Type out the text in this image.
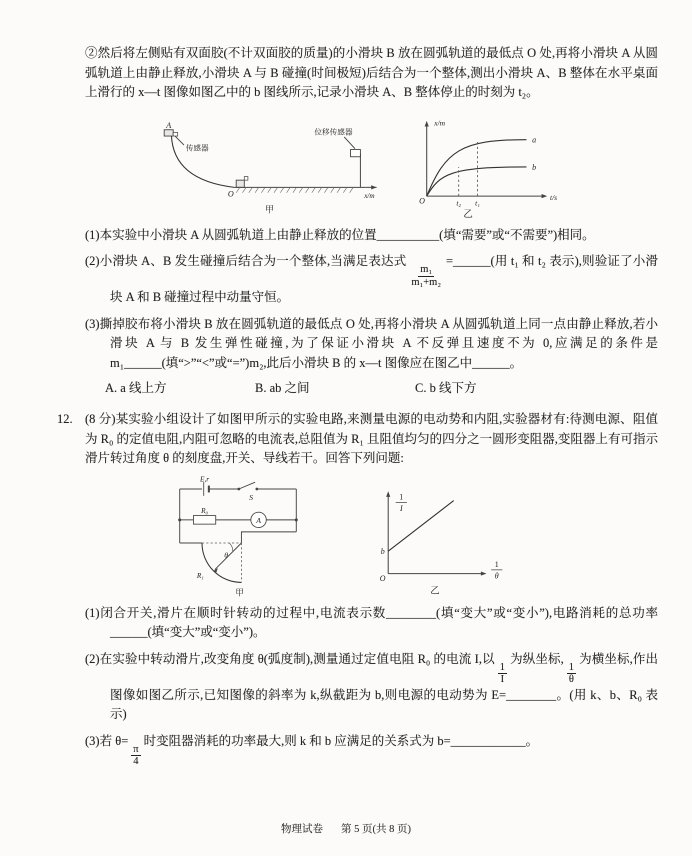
②然后将左侧贴有双面胶(不计双面胶的质量)的小滑块 B 放在圆弧轨道的最低点 O 处,再将小滑块 A 从圆弧轨道上由静止释放,小滑块 A 与 B 碰撞(时间极短)后结合为一个整体,测出小滑块 A、B 整体在水平桌面上滑行的 x—t 图像如图乙中的 b 图线所示,记录小滑块 A、B 整体停止的时刻为 t₂。

A
传感器
O
位移传感器
x/m
甲
x/m
t/s
O
a
b
t₂ t₁
乙

(1)本实验中小滑块 A 从圆弧轨道上由静止释放的位置__________(填“需要”或“不需要”)相同。

(2)小滑块 A、B 发生碰撞后结合为一个整体,当满足表达式
$\frac{\text{m₁}}{\text{m₁+m₂}}$
=______(用 t₁ 和 t₂ 表示),则验证了小滑块 A 和 B 碰撞过程中动量守恒。

(3)撕掉胶布将小滑块 B 放在圆弧轨道的最低点 O 处,再将小滑块 A 从圆弧轨道上同一点由静止释放,若小滑块 A 与 B 发生弹性碰撞,为了保证小滑块 A 不反弹且速度不为 0,应满足的条件是 m₁______(填“>”“<”或“=”)m₂,此后小滑块 B 的 x—t 图像应在图乙中______。

A. a 线上方	B. ab 之间	C. b 线下方
12. (8 分)某实验小组设计了如图甲所示的实验电路,来测量电源的电动势和内阻,实验器材有:待测电源、阻值为 R₀ 的定值电阻,内阻可忽略的电流表,总阻值为 R₁ 且阻值均匀的四分之一圆形变阻器,变阻器上有可指示滑片转过角度 θ 的刻度盘,开关、导线若干。回答下列问题:

E,r
S
R₀
A
θ
R₁
甲
1
I
1
θ
O
b
乙

(1)闭合开关,滑片在顺时针转动的过程中,电流表示数________(填“变大”或“变小”),电路消耗的总功率______(填“变大”或“变小”)。

(2)在实验中转动滑片,改变角度 θ(弧度制),测量通过定值电阻 R₀ 的电流 I,以
$\frac{1}{I}$
为纵坐标,
$\frac{1}{\theta}$
为横坐标,作出图像如图乙所示,已知图像的斜率为 k,纵截距为 b,则电源的电动势为 E=________。(用 k、b、R₀ 表示)

(3)若 θ=
$\frac{\pi}{4}$
时变阻器消耗的功率最大,则 k 和 b 应满足的关系式为 b=____________。

物理试卷 第 5 页(共 8 页)
